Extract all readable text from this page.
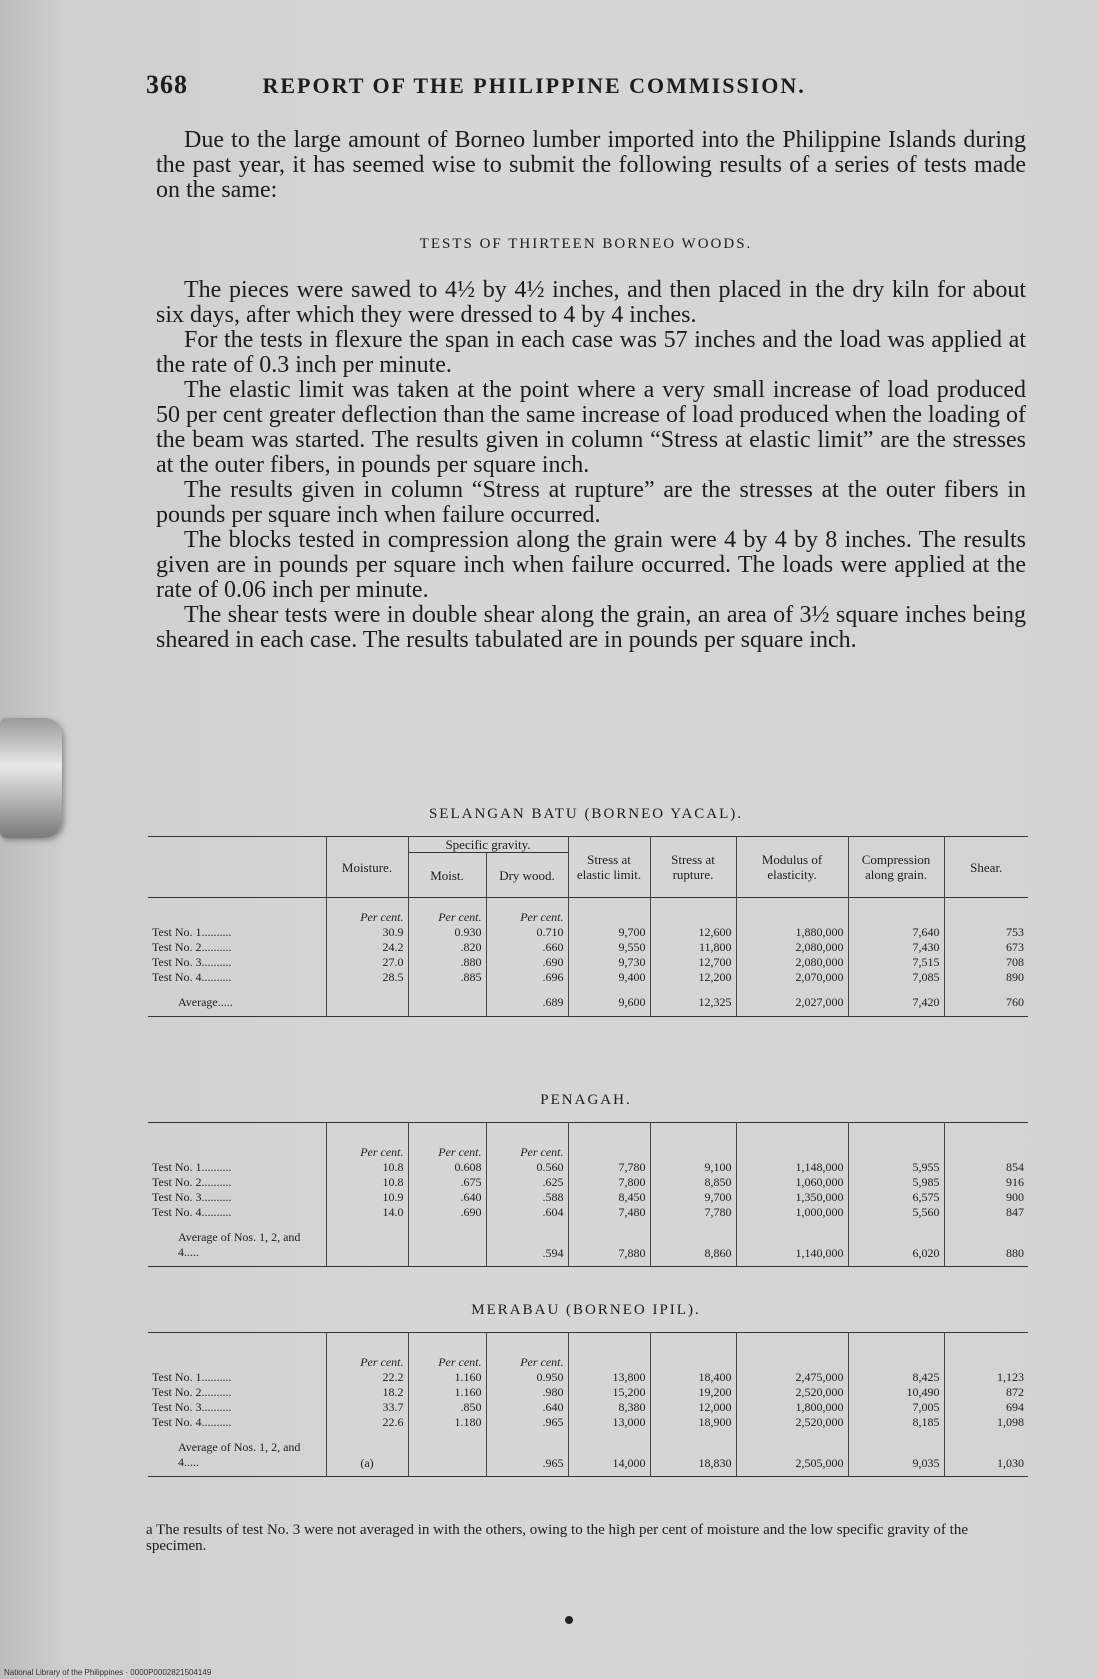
368	REPORT OF THE PHILIPPINE COMMISSION.

Due to the large amount of Borneo lumber imported into the Philippine Islands during the past year, it has seemed wise to submit the following results of a series of tests made on the same:

TESTS OF THIRTEEN BORNEO WOODS.

The pieces were sawed to 4½ by 4½ inches, and then placed in the dry kiln for about six days, after which they were dressed to 4 by 4 inches.

For the tests in flexure the span in each case was 57 inches and the load was applied at the rate of 0.3 inch per minute.

The elastic limit was taken at the point where a very small increase of load produced 50 per cent greater deflection than the same increase of load produced when the loading of the beam was started. The results given in column “Stress at elastic limit” are the stresses at the outer fibers, in pounds per square inch.

The results given in column “Stress at rupture” are the stresses at the outer fibers in pounds per square inch when failure occurred.

The blocks tested in compression along the grain were 4 by 4 by 8 inches. The results given are in pounds per square inch when failure occurred. The loads were applied at the rate of 0.06 inch per minute.

The shear tests were in double shear along the grain, an area of 3½ square inches being sheared in each case. The results tabulated are in pounds per square inch.

SELANGAN BATU (BORNEO YACAL).
	Moisture.	Specific gravity.		Stress at elastic limit.	Stress at rupture.	Modulus of elasticity.	Compression along grain.	Shear.
		Moist.	Dry wood.					
	Per cent.	Per cent.	Per cent.					
Test No. 1..........	30.9	0.930	0.710	9,700	12,600	1,880,000	7,640	753
Test No. 2..........	24.2	.820	.660	9,550	11,800	2,080,000	7,430	673
Test No. 3..........	27.0	.880	.690	9,730	12,700	2,080,000	7,515	708
Test No. 4..........	28.5	.885	.696	9,400	12,200	2,070,000	7,085	890
Average.....			.689	9,600	12,325	2,027,000	7,420	760
PENAGAH.
	Per cent.	Per cent.	Per cent.					
Test No. 1..........	10.8	0.608	0.560	7,780	9,100	1,148,000	5,955	854
Test No. 2..........	10.8	.675	.625	7,800	8,850	1,060,000	5,985	916
Test No. 3..........	10.9	.640	.588	8,450	9,700	1,350,000	6,575	900
Test No. 4..........	14.0	.690	.604	7,480	7,780	1,000,000	5,560	847
Average of Nos. 1, 2, and 4.....			.594	7,880	8,860	1,140,000	6,020	880
MERABAU (BORNEO IPIL).
	Per cent.	Per cent.	Per cent.					
Test No. 1..........	22.2	1.160	0.950	13,800	18,400	2,475,000	8,425	1,123
Test No. 2..........	18.2	1.160	.980	15,200	19,200	2,520,000	10,490	872
Test No. 3..........	33.7	.850	.640	8,380	12,000	1,800,000	7,005	694
Test No. 4..........	22.6	1.180	.965	13,000	18,900	2,520,000	8,185	1,098
Average of Nos. 1, 2, and 4.....	(a)		.965	14,000	18,830	2,505,000	9,035	1,030
a The results of test No. 3 were not averaged in with the others, owing to the high per cent of moisture and the low specific gravity of the specimen.
National Library of the Philippines · 0000P0002821504149
